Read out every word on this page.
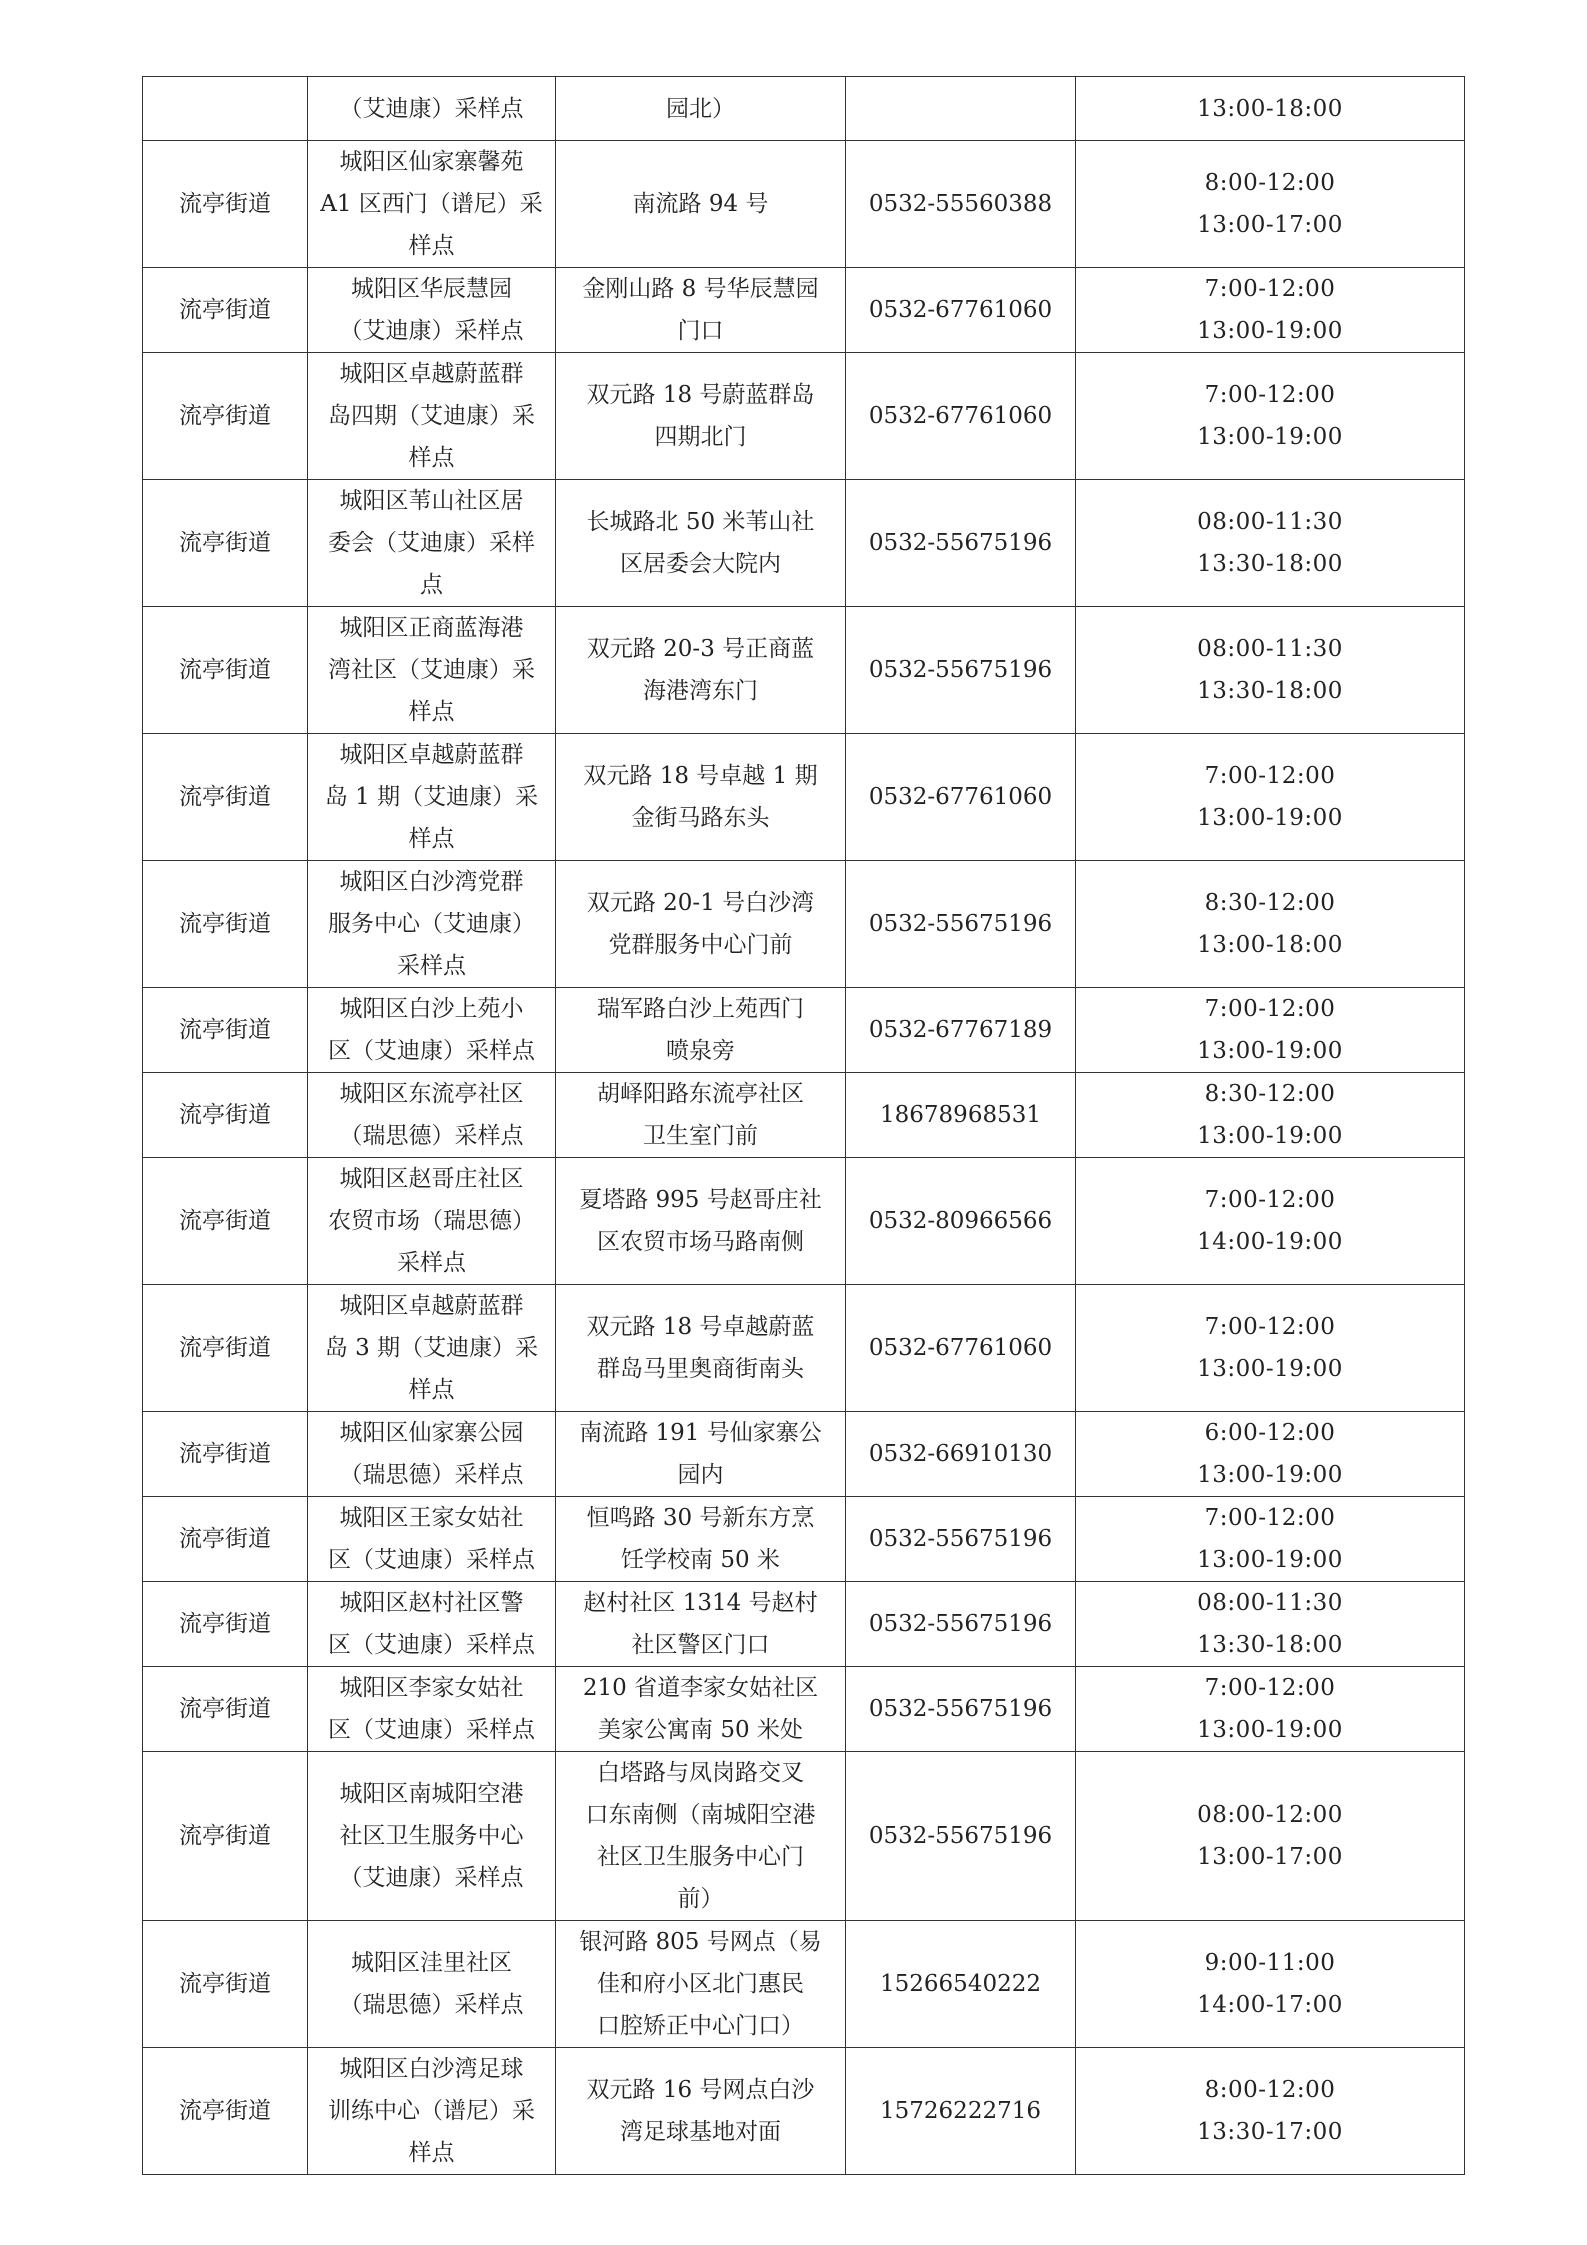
	（艾迪康）采样点	园北）		13:00-18:00

流亭街道	城阳区仙家寨馨苑
A1 区西门（谱尼）采
样点	南流路 94 号	0532-55560388	8:00-12:00
13:00-17:00

流亭街道	城阳区华辰慧园
（艾迪康）采样点	金刚山路 8 号华辰慧园
门口	0532-67761060	7:00-12:00
13:00-19:00

流亭街道	城阳区卓越蔚蓝群
岛四期（艾迪康）采
样点	双元路 18 号蔚蓝群岛
四期北门	0532-67761060	7:00-12:00
13:00-19:00

流亭街道	城阳区苇山社区居
委会（艾迪康）采样
点	长城路北 50 米苇山社
区居委会大院内	0532-55675196	08:00-11:30
13:30-18:00

流亭街道	城阳区正商蓝海港
湾社区（艾迪康）采
样点	双元路 20-3 号正商蓝
海港湾东门	0532-55675196	08:00-11:30
13:30-18:00

流亭街道	城阳区卓越蔚蓝群
岛 1 期（艾迪康）采
样点	双元路 18 号卓越 1 期
金街马路东头	0532-67761060	7:00-12:00
13:00-19:00

流亭街道	城阳区白沙湾党群
服务中心（艾迪康）
采样点	双元路 20-1 号白沙湾
党群服务中心门前	0532-55675196	8:30-12:00
13:00-18:00

流亭街道	城阳区白沙上苑小
区（艾迪康）采样点	瑞军路白沙上苑西门
喷泉旁	0532-67767189	7:00-12:00
13:00-19:00

流亭街道	城阳区东流亭社区
（瑞思德）采样点	胡峄阳路东流亭社区
卫生室门前	18678968531	8:30-12:00
13:00-19:00

流亭街道	城阳区赵哥庄社区
农贸市场（瑞思德）
采样点	夏塔路 995 号赵哥庄社
区农贸市场马路南侧	0532-80966566	7:00-12:00
14:00-19:00

流亭街道	城阳区卓越蔚蓝群
岛 3 期（艾迪康）采
样点	双元路 18 号卓越蔚蓝
群岛马里奥商街南头	0532-67761060	7:00-12:00
13:00-19:00

流亭街道	城阳区仙家寨公园
（瑞思德）采样点	南流路 191 号仙家寨公
园内	0532-66910130	6:00-12:00
13:00-19:00

流亭街道	城阳区王家女姑社
区（艾迪康）采样点	恒鸣路 30 号新东方烹
饪学校南 50 米	0532-55675196	7:00-12:00
13:00-19:00

流亭街道	城阳区赵村社区警
区（艾迪康）采样点	赵村社区 1314 号赵村
社区警区门口	0532-55675196	08:00-11:30
13:30-18:00

流亭街道	城阳区李家女姑社
区（艾迪康）采样点	210 省道李家女姑社区
美家公寓南 50 米处	0532-55675196	7:00-12:00
13:00-19:00

流亭街道	城阳区南城阳空港
社区卫生服务中心
（艾迪康）采样点	白塔路与凤岗路交叉
口东南侧（南城阳空港
社区卫生服务中心门
前）	0532-55675196	08:00-12:00
13:00-17:00

流亭街道	城阳区洼里社区
（瑞思德）采样点	银河路 805 号网点（易
佳和府小区北门惠民
口腔矫正中心门口）	15266540222	9:00-11:00
14:00-17:00

流亭街道	城阳区白沙湾足球
训练中心（谱尼）采
样点	双元路 16 号网点白沙
湾足球基地对面	15726222716	8:00-12:00
13:30-17:00
